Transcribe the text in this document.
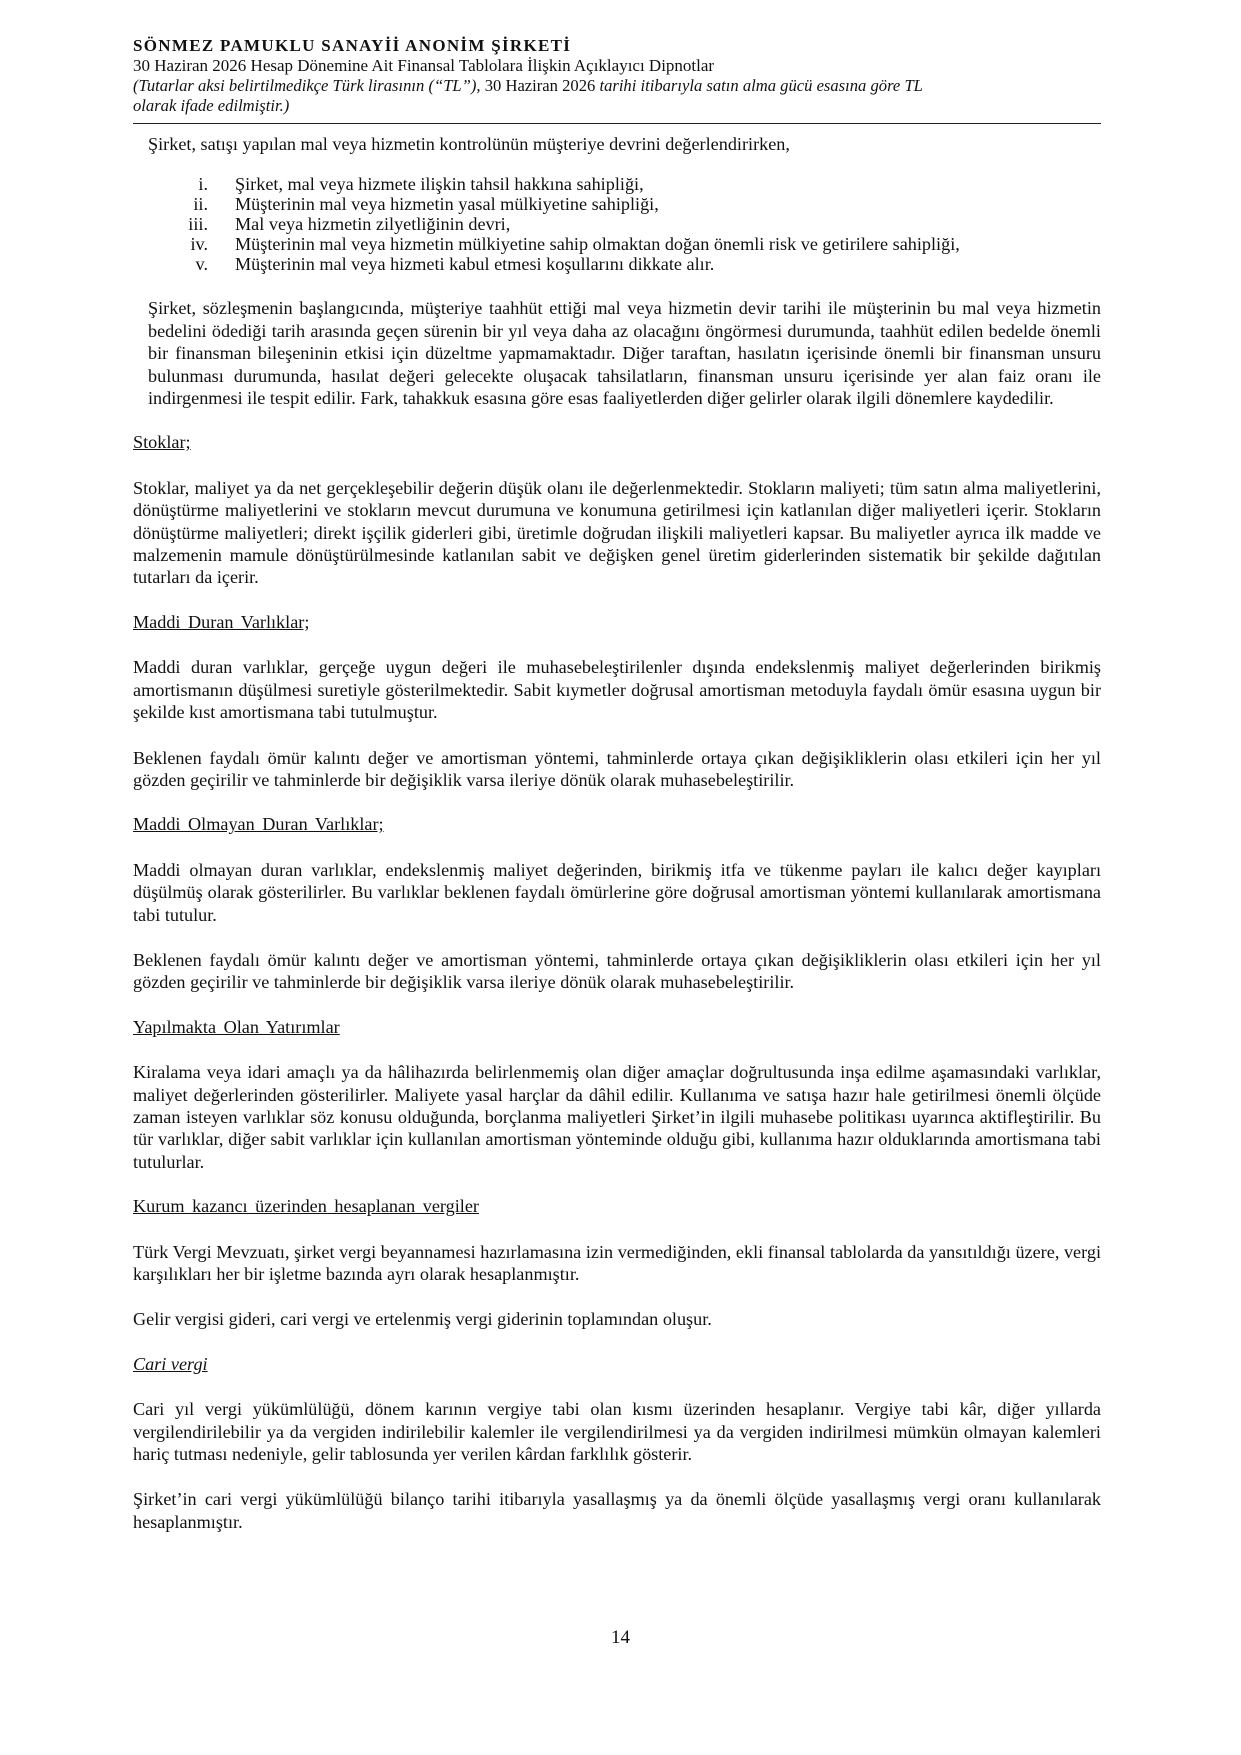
SÖNMEZ PAMUKLU SANAYİİ ANONİM ŞİRKETİ
30 Haziran 2026 Hesap Dönemine Ait Finansal Tablolara İlişkin Açıklayıcı Dipnotlar
(Tutarlar aksi belirtilmedikçe Türk lirasının (“TL”), 30 Haziran 2026 tarihi itibarıyla satın alma gücü esasına göre TL
olarak ifade edilmiştir.)

Şirket, satışı yapılan mal veya hizmetin kontrolünün müşteriye devrini değerlendirirken,

i.	Şirket, mal veya hizmete ilişkin tahsil hakkına sahipliği,
ii.	Müşterinin mal veya hizmetin yasal mülkiyetine sahipliği,
iii.	Mal veya hizmetin zilyetliğinin devri,
iv.	Müşterinin mal veya hizmetin mülkiyetine sahip olmaktan doğan önemli risk ve getirilere sahipliği,
v.	Müşterinin mal veya hizmeti kabul etmesi koşullarını dikkate alır.

Şirket, sözleşmenin başlangıcında, müşteriye taahhüt ettiği mal veya hizmetin devir tarihi ile müşterinin bu mal veya hizmetin bedelini ödediği tarih arasında geçen sürenin bir yıl veya daha az olacağını öngörmesi durumunda, taahhüt edilen bedelde önemli bir finansman bileşeninin etkisi için düzeltme yapmamaktadır. Diğer taraftan, hasılatın içerisinde önemli bir finansman unsuru bulunması durumunda, hasılat değeri gelecekte oluşacak tahsilatların, finansman unsuru içerisinde yer alan faiz oranı ile indirgenmesi ile tespit edilir. Fark, tahakkuk esasına göre esas faaliyetlerden diğer gelirler olarak ilgili dönemlere kaydedilir.

Stoklar;

Stoklar, maliyet ya da net gerçekleşebilir değerin düşük olanı ile değerlenmektedir. Stokların maliyeti; tüm satın alma maliyetlerini, dönüştürme maliyetlerini ve stokların mevcut durumuna ve konumuna getirilmesi için katlanılan diğer maliyetleri içerir. Stokların dönüştürme maliyetleri; direkt işçilik giderleri gibi, üretimle doğrudan ilişkili maliyetleri kapsar. Bu maliyetler ayrıca ilk madde ve malzemenin mamule dönüştürülmesinde katlanılan sabit ve değişken genel üretim giderlerinden sistematik bir şekilde dağıtılan tutarları da içerir.

Maddi Duran Varlıklar;

Maddi duran varlıklar, gerçeğe uygun değeri ile muhasebeleştirilenler dışında endekslenmiş maliyet değerlerinden birikmiş amortismanın düşülmesi suretiyle gösterilmektedir. Sabit kıymetler doğrusal amortisman metoduyla faydalı ömür esasına uygun bir şekilde kıst amortismana tabi tutulmuştur.

Beklenen faydalı ömür kalıntı değer ve amortisman yöntemi, tahminlerde ortaya çıkan değişikliklerin olası etkileri için her yıl gözden geçirilir ve tahminlerde bir değişiklik varsa ileriye dönük olarak muhasebeleştirilir.

Maddi Olmayan Duran Varlıklar;

Maddi olmayan duran varlıklar, endekslenmiş maliyet değerinden, birikmiş itfa ve tükenme payları ile kalıcı değer kayıpları düşülmüş olarak gösterilirler. Bu varlıklar beklenen faydalı ömürlerine göre doğrusal amortisman yöntemi kullanılarak amortismana tabi tutulur.

Beklenen faydalı ömür kalıntı değer ve amortisman yöntemi, tahminlerde ortaya çıkan değişikliklerin olası etkileri için her yıl gözden geçirilir ve tahminlerde bir değişiklik varsa ileriye dönük olarak muhasebeleştirilir.

Yapılmakta Olan Yatırımlar

Kiralama veya idari amaçlı ya da hâlihazırda belirlenmemiş olan diğer amaçlar doğrultusunda inşa edilme aşamasındaki varlıklar, maliyet değerlerinden gösterilirler. Maliyete yasal harçlar da dâhil edilir. Kullanıma ve satışa hazır hale getirilmesi önemli ölçüde zaman isteyen varlıklar söz konusu olduğunda, borçlanma maliyetleri Şirket’in ilgili muhasebe politikası uyarınca aktifleştirilir. Bu tür varlıklar, diğer sabit varlıklar için kullanılan amortisman yönteminde olduğu gibi, kullanıma hazır olduklarında amortismana tabi tutulurlar.

Kurum kazancı üzerinden hesaplanan vergiler

Türk Vergi Mevzuatı, şirket vergi beyannamesi hazırlamasına izin vermediğinden, ekli finansal tablolarda da yansıtıldığı üzere, vergi karşılıkları her bir işletme bazında ayrı olarak hesaplanmıştır.

Gelir vergisi gideri, cari vergi ve ertelenmiş vergi giderinin toplamından oluşur.

Cari vergi

Cari yıl vergi yükümlülüğü, dönem karının vergiye tabi olan kısmı üzerinden hesaplanır. Vergiye tabi kâr, diğer yıllarda vergilendirilebilir ya da vergiden indirilebilir kalemler ile vergilendirilmesi ya da vergiden indirilmesi mümkün olmayan kalemleri hariç tutması nedeniyle, gelir tablosunda yer verilen kârdan farklılık gösterir.

Şirket’in cari vergi yükümlülüğü bilanço tarihi itibarıyla yasallaşmış ya da önemli ölçüde yasallaşmış vergi oranı kullanılarak hesaplanmıştır.

14
